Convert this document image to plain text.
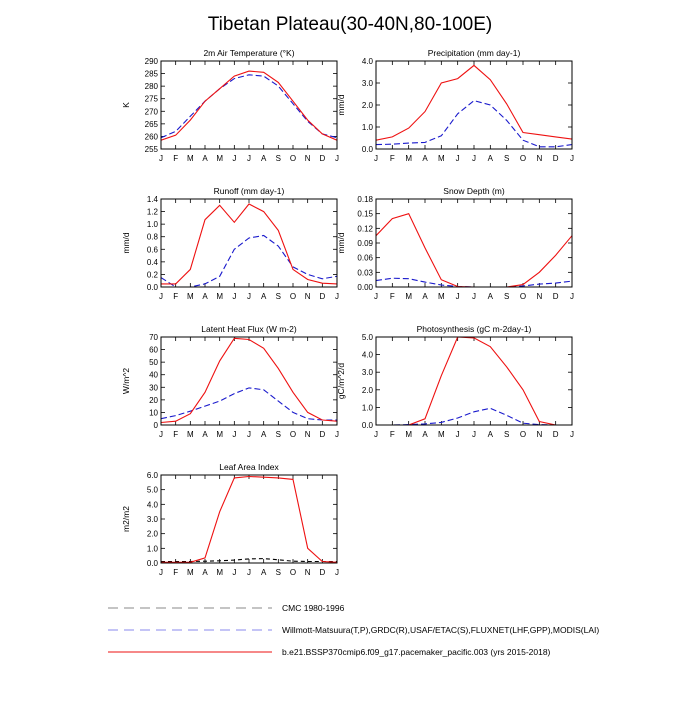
Tibetan Plateau(30-40N,80-100E)
2m Air Temperature (°K)
255
260
265
270
275
280
285
290
J F M A M J J A S O N D J
K
Precipitation (mm day-1)
0.0
1.0
2.0
3.0
4.0
J F M A M J J A S O N D J
mm/d
Runoff (mm day-1)
0.0
0.2
0.4
0.6
0.8
1.0
1.2
1.4
J F M A M J J A S O N D J
mm/d
Snow Depth (m)
0.00
0.03
0.06
0.09
0.12
0.15
0.18
J F M A M J J A S O N D J
mm/d
Latent Heat Flux (W m-2)
0
10
20
30
40
50
60
70
J F M A M J J A S O N D J
W/m^2
Photosynthesis (gC m-2day-1)
0.0
1.0
2.0
3.0
4.0
5.0
J F M A M J J A S O N D J
gC/m^2/d
Leaf Area Index
0.0
1.0
2.0
3.0
4.0
5.0
6.0
J F M A M J J A S O N D J
m2/m2
CMC 1980-1996
Willmott-Matsuura(T,P),GRDC(R),USAF/ETAC(S),FLUXNET(LHF,GPP),MODIS(LAI)
b.e21.BSSP370cmip6.f09_g17.pacemaker_pacific.003 (yrs 2015-2018)
